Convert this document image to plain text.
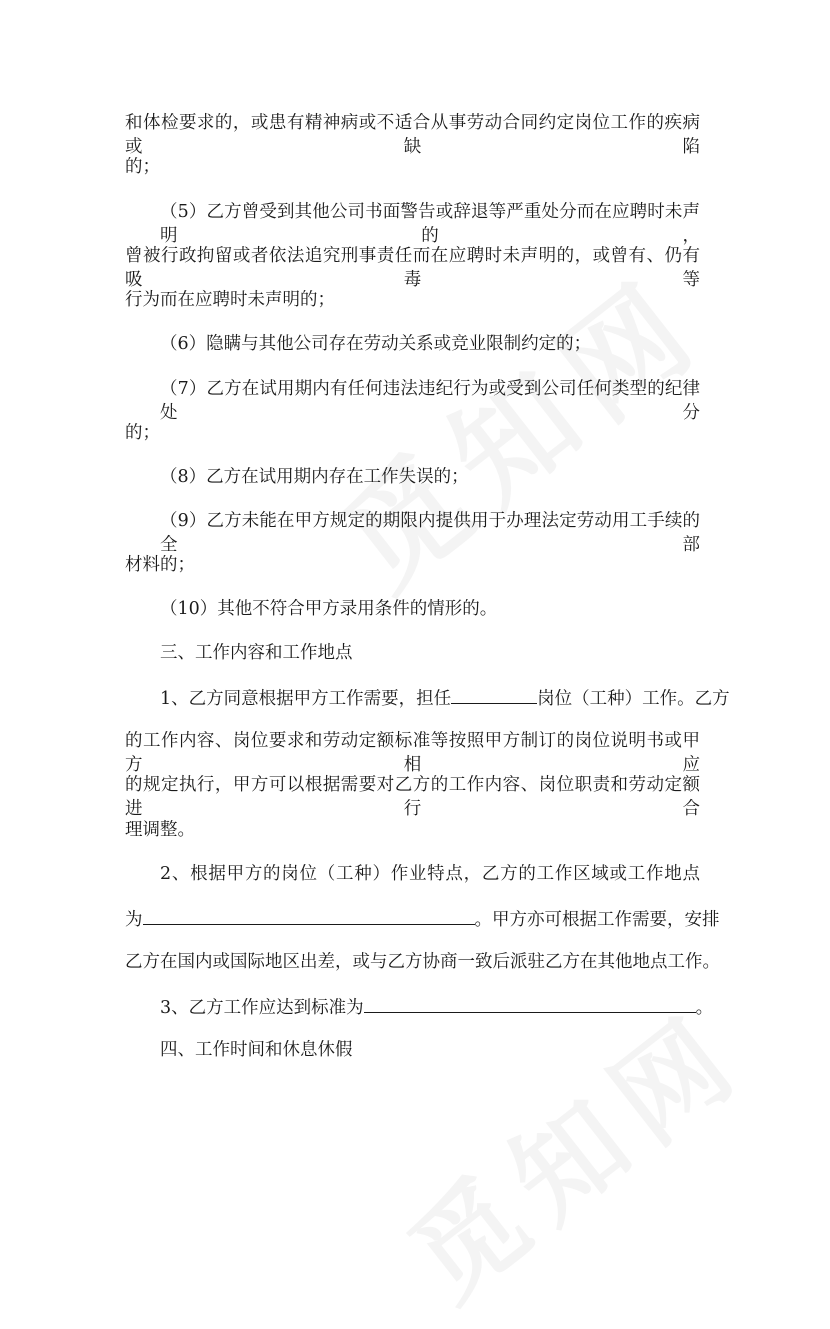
和体检要求的，或患有精神病或不适合从事劳动合同约定岗位工作的疾病或缺陷
的；
（5）乙方曾受到其他公司书面警告或辞退等严重处分而在应聘时未声明的，
曾被行政拘留或者依法追究刑事责任而在应聘时未声明的，或曾有、仍有吸毒等
行为而在应聘时未声明的；
（6）隐瞒与其他公司存在劳动关系或竞业限制约定的；
（7）乙方在试用期内有任何违法违纪行为或受到公司任何类型的纪律处分
的；
（8）乙方在试用期内存在工作失误的；
（9）乙方未能在甲方规定的期限内提供用于办理法定劳动用工手续的全部
材料的；
（10）其他不符合甲方录用条件的情形的。
三、工作内容和工作地点
1、乙方同意根据甲方工作需要，担任	岗位（工种）工作。乙方
的工作内容、岗位要求和劳动定额标准等按照甲方制订的岗位说明书或甲方相应
的规定执行，甲方可以根据需要对乙方的工作内容、岗位职责和劳动定额进行合
理调整。
2、根据甲方的岗位（工种）作业特点，乙方的工作区域或工作地点
为	。甲方亦可根据工作需要，安排
乙方在国内或国际地区出差，或与乙方协商一致后派驻乙方在其他地点工作。
3、乙方工作应达到标准为	。
四、工作时间和休息休假
